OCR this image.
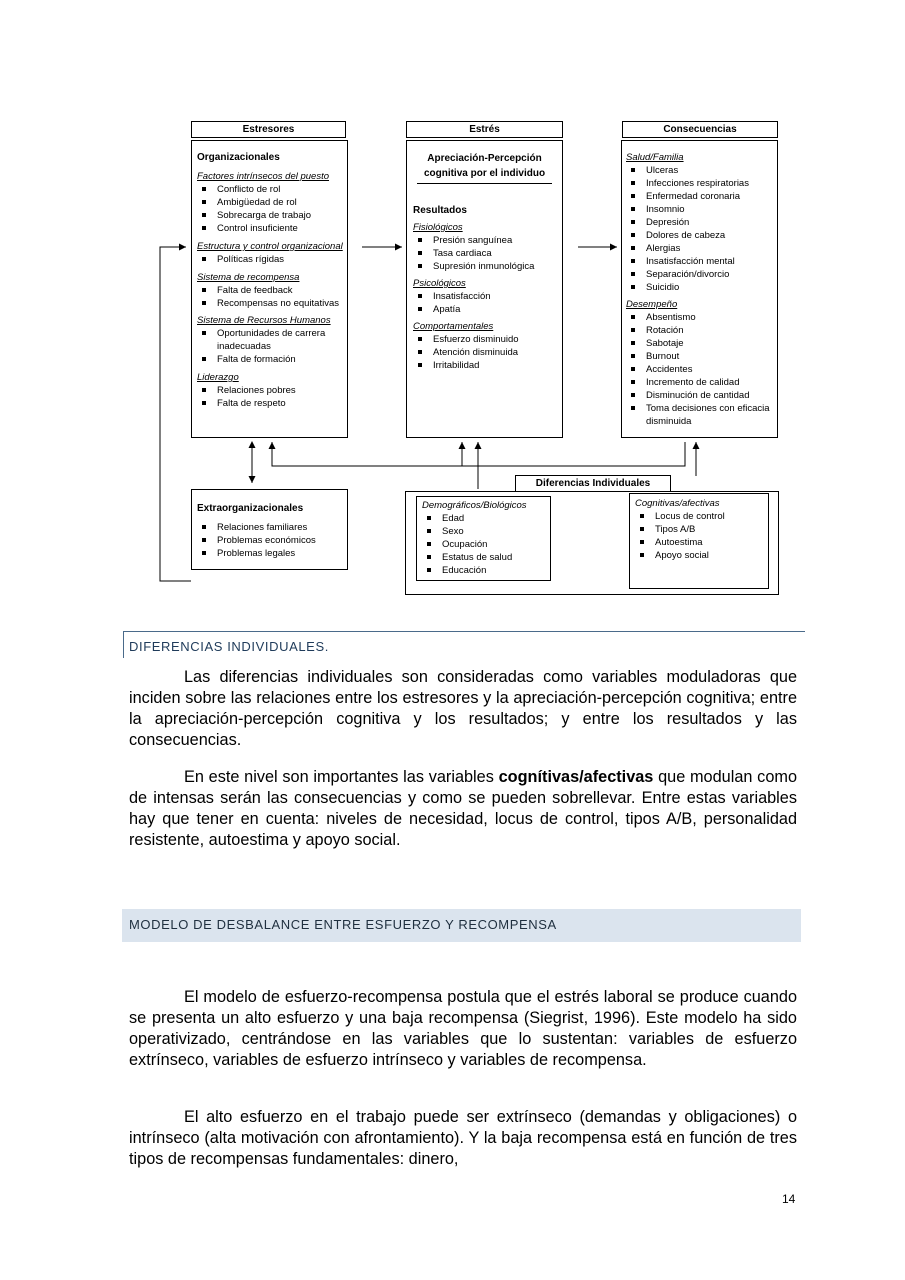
Estresores	Estrés	Consecuencias
Organizacionales
Factores intrínsecos del puesto
Conflicto de rol
Ambigüedad de rol
Sobrecarga de trabajo
Control insuficiente
Estructura y control organizacional
Políticas rígidas
Sistema de recompensa
Falta de feedback
Recompensas no equitativas
Sistema de Recursos Humanos
Oportunidades de carrera inadecuadas
Falta de formación
Liderazgo
Relaciones pobres
Falta de respeto
Apreciación-Percepción cognitiva por el individuo
Resultados
Fisiológicos
Presión sanguínea
Tasa cardiaca
Supresión inmunológica
Psicológicos
Insatisfacción
Apatía
Comportamentales
Esfuerzo disminuido
Atención disminuida
Irritabilidad
Salud/Familia
Ulceras
Infecciones respiratorias
Enfermedad coronaria
Insomnio
Depresión
Dolores de cabeza
Alergias
Insatisfacción mental
Separación/divorcio
Suicidio
Desempeño
Absentismo
Rotación
Sabotaje
Burnout
Accidentes
Incremento de calidad
Disminución de cantidad
Toma decisiones con eficacia disminuida
Extraorganizacionales
Relaciones familiares
Problemas económicos
Problemas legales
Diferencias Individuales
Demográficos/Biológicos
Edad
Sexo
Ocupación
Estatus de salud
Educación
Cognitivas/afectivas
Locus de control
Tipos A/B
Autoestima
Apoyo social
DIFERENCIAS INDIVIDUALES.

Las diferencias individuales son consideradas como variables moduladoras que inciden sobre las relaciones entre los estresores y la apreciación-percepción cognitiva; entre la apreciación-percepción cognitiva y los resultados; y entre los resultados y las consecuencias.

En este nivel son importantes las variables cognítivas/afectivas que modulan como de intensas serán las consecuencias y como se pueden sobrellevar. Entre estas variables hay que tener en cuenta: niveles de necesidad, locus de control, tipos A/B, personalidad resistente, autoestima y apoyo social.

MODELO DE DESBALANCE ENTRE ESFUERZO Y RECOMPENSA

El modelo de esfuerzo-recompensa postula que el estrés laboral se produce cuando se presenta un alto esfuerzo y una baja recompensa (Siegrist, 1996). Este modelo ha sido operativizado, centrándose en las variables que lo sustentan: variables de esfuerzo extrínseco, variables de esfuerzo intrínseco y variables de recompensa.

El alto esfuerzo en el trabajo puede ser extrínseco (demandas y obligaciones) o intrínseco (alta motivación con afrontamiento). Y la baja recompensa está en función de tres tipos de recompensas fundamentales: dinero,

14
